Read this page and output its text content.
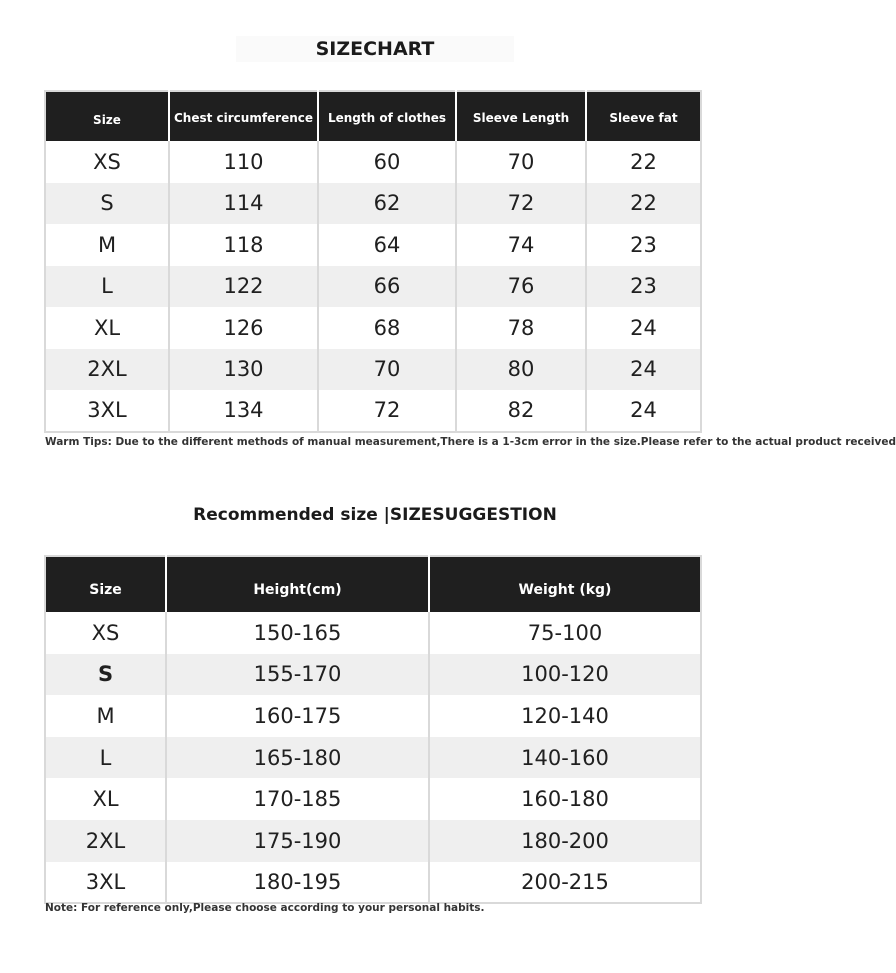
SIZECHART
Size	Chest circumference	Length of clothes	Sleeve Length	Sleeve fat
XS	110	60	70	22
S	114	62	72	22
M	118	64	74	23
L	122	66	76	23
XL	126	68	78	24
2XL	130	70	80	24
3XL	134	72	82	24
Warm Tips: Due to the different methods of manual measurement,There is a 1-3cm error in the size.Please refer to the actual product received
Recommended size |SIZESUGGESTION
Size	Height(cm)	Weight (kg)
XS	150-165	75-100
S	155-170	100-120
M	160-175	120-140
L	165-180	140-160
XL	170-185	160-180
2XL	175-190	180-200
3XL	180-195	200-215
Note: For reference only,Please choose according to your personal habits.
